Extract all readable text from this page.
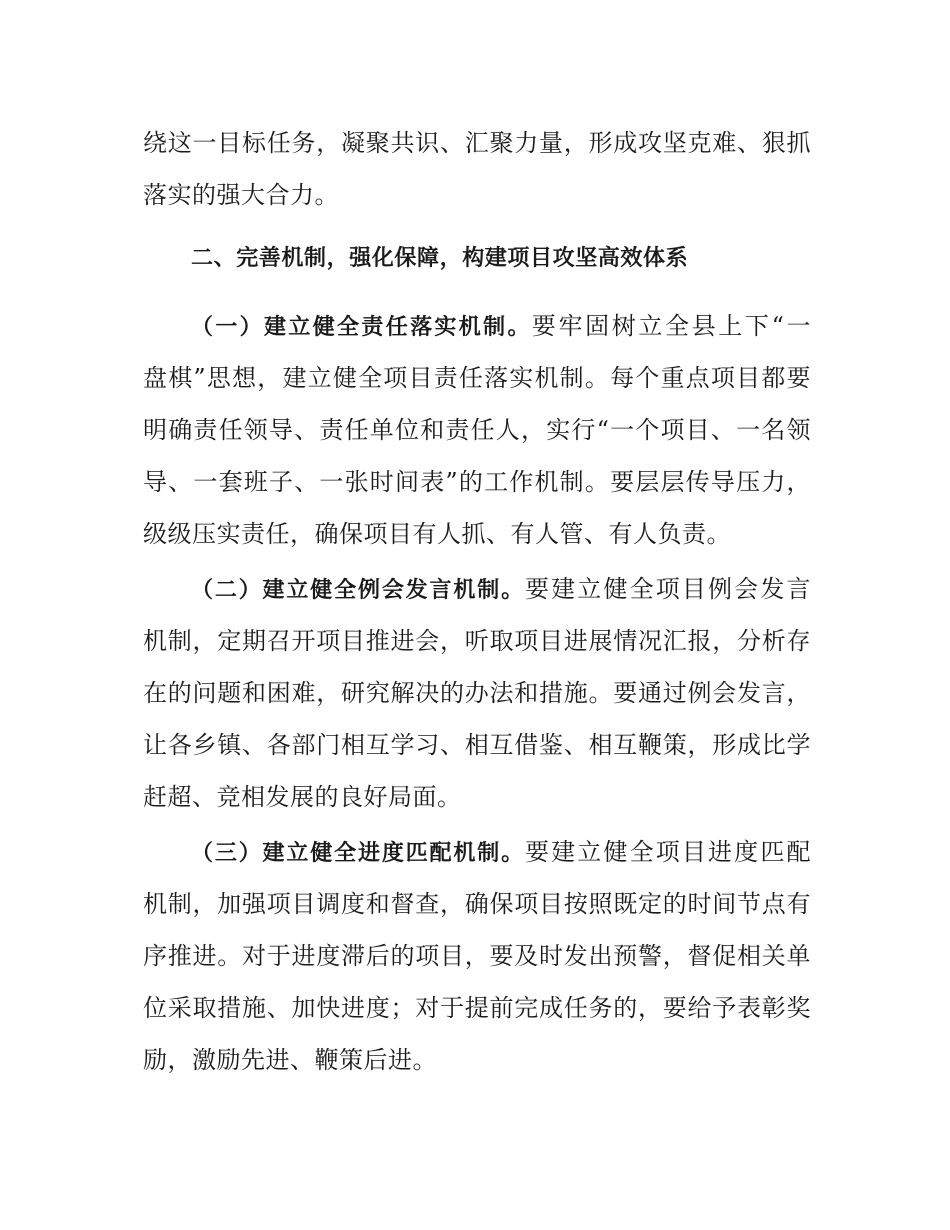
绕这一目标任务，凝聚共识、汇聚力量，形成攻坚克难、狠抓
落实的强大合力。
二、完善机制，强化保障，构建项目攻坚高效体系
（一）建立健全责任落实机制。要牢固树立全县上下“一
盘棋”思想，建立健全项目责任落实机制。每个重点项目都要
明确责任领导、责任单位和责任人，实行“一个项目、一名领
导、一套班子、一张时间表”的工作机制。要层层传导压力，
级级压实责任，确保项目有人抓、有人管、有人负责。
（二）建立健全例会发言机制。要建立健全项目例会发言
机制，定期召开项目推进会，听取项目进展情况汇报，分析存
在的问题和困难，研究解决的办法和措施。要通过例会发言，
让各乡镇、各部门相互学习、相互借鉴、相互鞭策，形成比学
赶超、竞相发展的良好局面。
（三）建立健全进度匹配机制。要建立健全项目进度匹配
机制，加强项目调度和督查，确保项目按照既定的时间节点有
序推进。对于进度滞后的项目，要及时发出预警，督促相关单
位采取措施、加快进度；对于提前完成任务的，要给予表彰奖
励，激励先进、鞭策后进。
